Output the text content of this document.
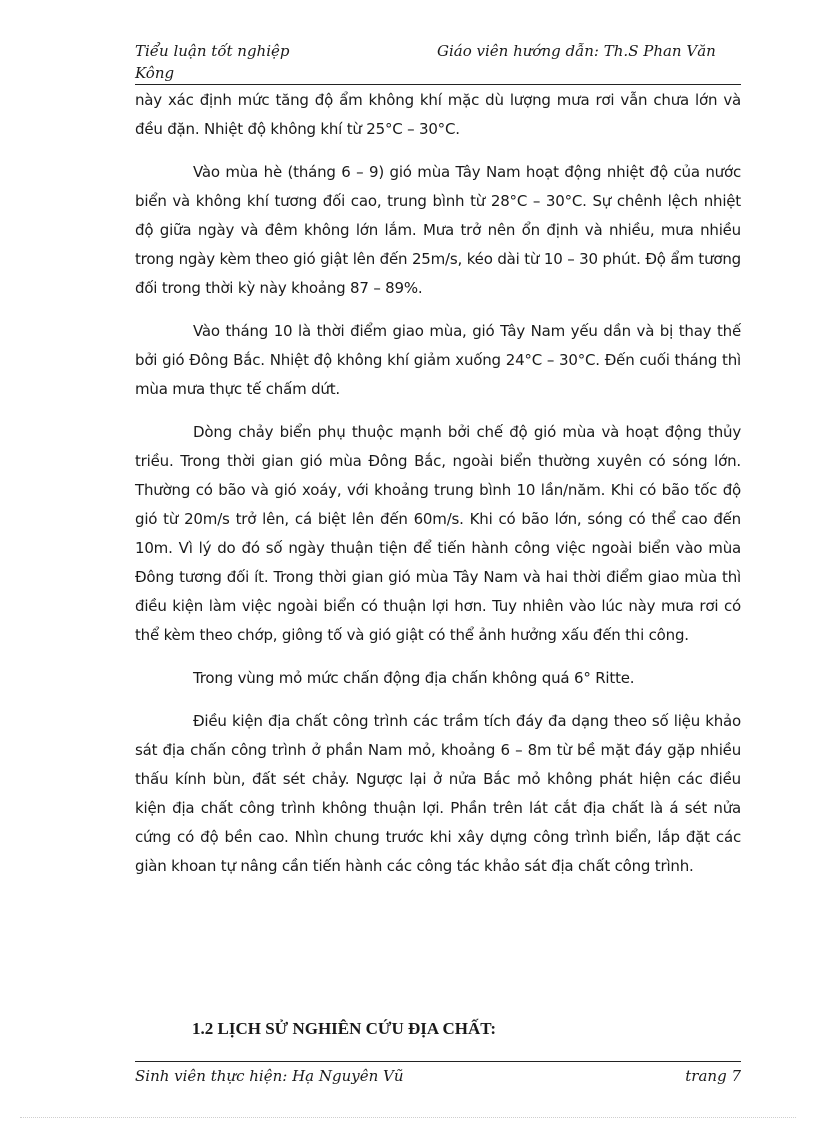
Tiểu luận tốt nghiệp Kông
Giáo viên hướng dẫn: Th.S Phan Văn

này xác định mức tăng độ ẩm không khí mặc dù lượng mưa rơi vẫn chưa lớn và đều đặn. Nhiệt độ không khí từ 25°C – 30°C.

Vào mùa hè (tháng 6 – 9) gió mùa Tây Nam hoạt động nhiệt độ của nước biển và không khí tương đối cao, trung bình từ 28°C – 30°C. Sự chênh lệch nhiệt độ giữa ngày và đêm không lớn lắm. Mưa trở nên ổn định và nhiều, mưa nhiều trong ngày kèm theo gió giật lên đến 25m/s, kéo dài từ 10 – 30 phút. Độ ẩm tương đối trong thời kỳ này khoảng 87 – 89%.

Vào tháng 10 là thời điểm giao mùa, gió Tây Nam yếu dần và bị thay thế bởi gió Đông Bắc. Nhiệt độ không khí giảm xuống 24°C – 30°C. Đến cuối tháng thì mùa mưa thực tế chấm dứt.

Dòng chảy biển phụ thuộc mạnh bởi chế độ gió mùa và hoạt động thủy triều. Trong thời gian gió mùa Đông Bắc, ngoài biển thường xuyên có sóng lớn. Thường có bão và gió xoáy, với khoảng trung bình 10 lần/năm. Khi có bão tốc độ gió từ 20m/s trở lên, cá biệt lên đến 60m/s. Khi có bão lớn, sóng có thể cao đến 10m. Vì lý do đó số ngày thuận tiện để tiến hành công việc ngoài biển vào mùa Đông tương đối ít. Trong thời gian gió mùa Tây Nam và hai thời điểm giao mùa thì điều kiện làm việc ngoài biển có thuận lợi hơn. Tuy nhiên vào lúc này mưa rơi có thể kèm theo chớp, giông tố và gió giật có thể ảnh hưởng xấu đến thi công.

Trong vùng mỏ mức chấn động địa chấn không quá 6° Ritte.

Điều kiện địa chất công trình các trầm tích đáy đa dạng theo số liệu khảo sát địa chấn công trình ở phần Nam mỏ, khoảng 6 – 8m từ bề mặt đáy gặp nhiều thấu kính bùn, đất sét chảy. Ngược lại ở nửa Bắc mỏ không phát hiện các điều kiện địa chất công trình không thuận lợi. Phần trên lát cắt địa chất là á sét nửa cứng có độ bền cao. Nhìn chung trước khi xây dựng công trình biển, lắp đặt các giàn khoan tự nâng cần tiến hành các công tác khảo sát địa chất công trình.

1.2 LỊCH SỬ NGHIÊN CỨU ĐỊA CHẤT:
Sinh viên thực hiện: Hạ Nguyên Vũ	trang 7
